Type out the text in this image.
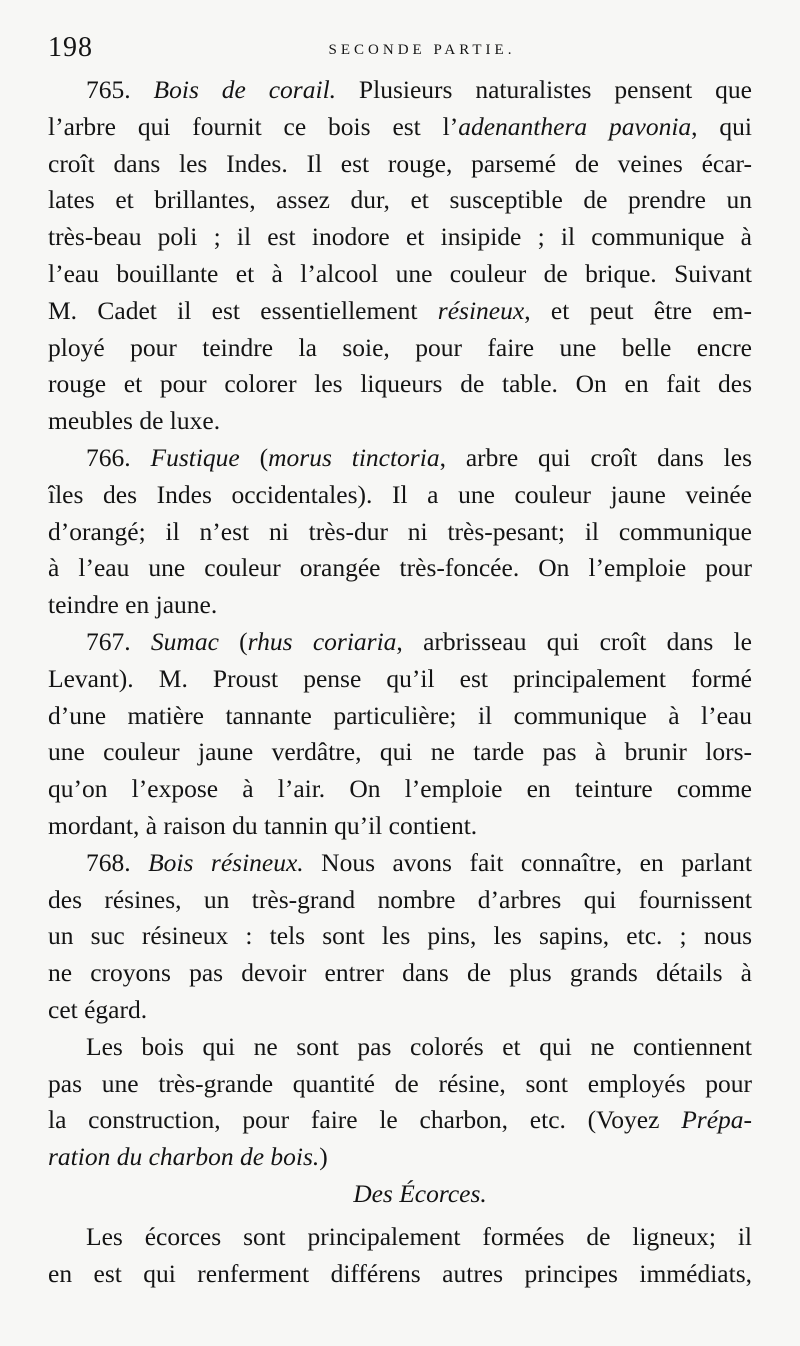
198	SECONDE PARTIE.
765. Bois de corail. Plusieurs naturalistes pensent que
l’arbre qui fournit ce bois est l’adenanthera pavonia, qui
croît dans les Indes. Il est rouge, parsemé de veines écar-
lates et brillantes, assez dur, et susceptible de prendre un
très-beau poli ; il est inodore et insipide ; il communique à
l’eau bouillante et à l’alcool une couleur de brique. Suivant
M. Cadet il est essentiellement résineux, et peut être em-
ployé pour teindre la soie, pour faire une belle encre
rouge et pour colorer les liqueurs de table. On en fait des
meubles de luxe.
766. Fustique (morus tinctoria, arbre qui croît dans les
îles des Indes occidentales). Il a une couleur jaune veinée
d’orangé; il n’est ni très-dur ni très-pesant; il communique
à l’eau une couleur orangée très-foncée. On l’emploie pour
teindre en jaune.
767. Sumac (rhus coriaria, arbrisseau qui croît dans le
Levant). M. Proust pense qu’il est principalement formé
d’une matière tannante particulière; il communique à l’eau
une couleur jaune verdâtre, qui ne tarde pas à brunir lors-
qu’on l’expose à l’air. On l’emploie en teinture comme
mordant, à raison du tannin qu’il contient.
768. Bois résineux. Nous avons fait connaître, en parlant
des résines, un très-grand nombre d’arbres qui fournissent
un suc résineux : tels sont les pins, les sapins, etc. ; nous
ne croyons pas devoir entrer dans de plus grands détails à
cet égard.
Les bois qui ne sont pas colorés et qui ne contiennent
pas une très-grande quantité de résine, sont employés pour
la construction, pour faire le charbon, etc. (Voyez Prépa-
ration du charbon de bois.)
Des Écorces.
Les écorces sont principalement formées de ligneux; il
en est qui renferment différens autres principes immédiats,
